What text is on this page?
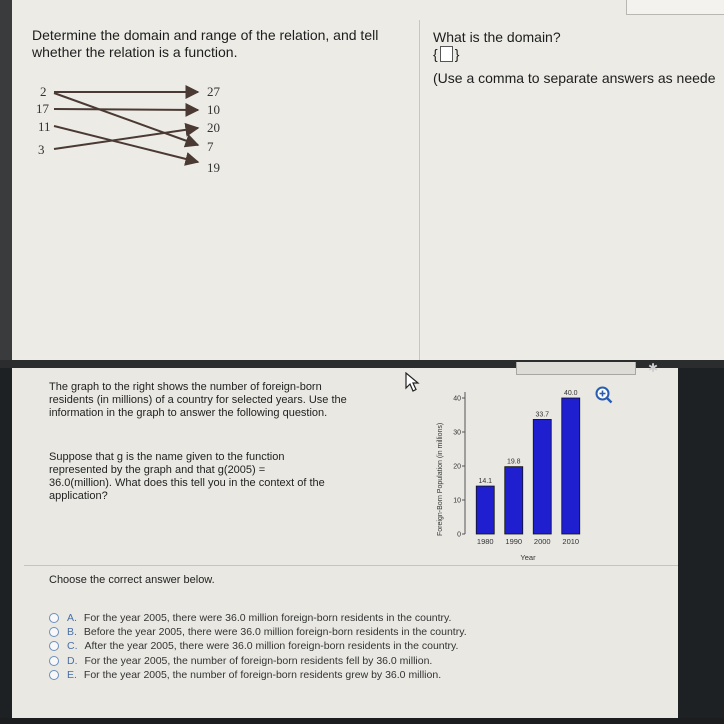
Determine the domain and range of the relation, and tell whether the relation is a function.
2
17
11
3
27
10
20
7
19
What is the domain?
{ }
(Use a comma to separate answers as neede
The graph to the right shows the number of foreign-born residents (in millions) of a country for selected years. Use the information in the graph to answer the following question.
Suppose that g is the name given to the function represented by the graph and that g(2005) = 36.0(million). What does this tell you in the context of the application?	Foreign-Born Population (in millions) 0
10
20
30
40
14.1
19.8
33.7
40.0
1980 1990 2000 2010
Year
Choose the correct answer below.
A. For the year 2005, there were 36.0 million foreign-born residents in the country.
B. Before the year 2005, there were 36.0 million foreign-born residents in the country.
C. After the year 2005, there were 36.0 million foreign-born residents in the country.
D. For the year 2005, the number of foreign-born residents fell by 36.0 million.
E. For the year 2005, the number of foreign-born residents grew by 36.0 million.
✱
